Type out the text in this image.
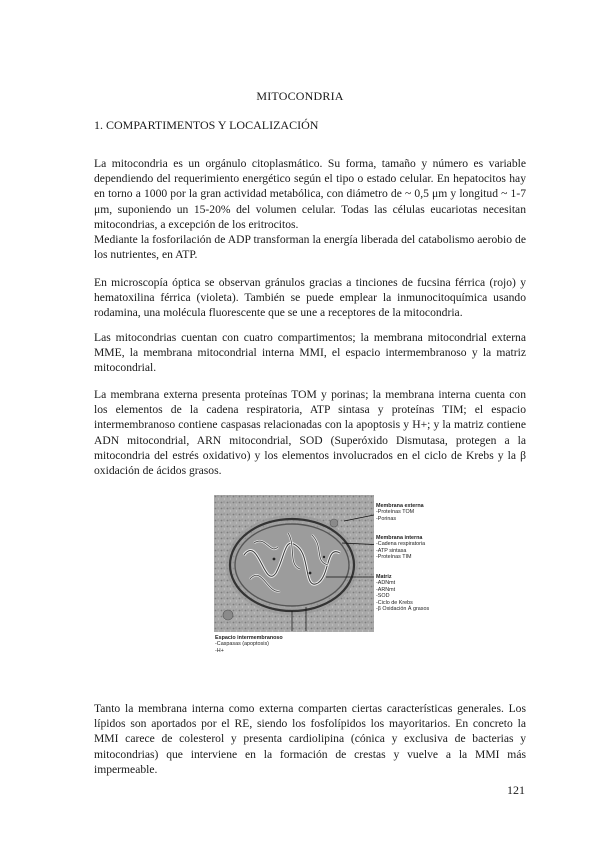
MITOCONDRIA
1. COMPARTIMENTOS Y LOCALIZACIÓN

La mitocondria es un orgánulo citoplasmático. Su forma, tamaño y número es variable dependiendo del requerimiento energético según el tipo o estado celular. En hepatocitos hay en torno a 1000 por la gran actividad metabólica, con diámetro de ~ 0,5 μm y longitud ~ 1-7 μm, suponiendo un 15-20% del volumen celular. Todas las células eucariotas necesitan mitocondrias, a excepción de los eritrocitos.

Mediante la fosforilación de ADP transforman la energía liberada del catabolismo aerobio de los nutrientes, en ATP.

En microscopía óptica se observan gránulos gracias a tinciones de fucsina férrica (rojo) y hematoxilina férrica (violeta). También se puede emplear la inmunocitoquímica usando rodamina, una molécula fluorescente que se une a receptores de la mitocondria.

Las mitocondrias cuentan con cuatro compartimentos; la membrana mitocondrial externa MME, la membrana mitocondrial interna MMI, el espacio intermembranoso y la matriz mitocondrial.

La membrana externa presenta proteínas TOM y porinas; la membrana interna cuenta con los elementos de la cadena respiratoria, ATP sintasa y proteínas TIM; el espacio intermembranoso contiene caspasas relacionadas con la apoptosis y H+; y la matriz contiene ADN mitocondrial, ARN mitocondrial, SOD (Superóxido Dismutasa, protegen a la mitocondria del estrés oxidativo) y los elementos involucrados en el ciclo de Krebs y la β oxidación de ácidos grasos.

Membrana externa
-Proteínas TOM
-Porinas
Membrana interna
-Cadena respiratoria
-ATP sintasa
-Proteínas TIM
Matriz
-ADNmt
-ARNmt
-SOD
-Ciclo de Krebs
-β Oxidación Á grasos
Espacio intermembranoso
-Caspasas (apoptosis)
-H+

Tanto la membrana interna como externa comparten ciertas características generales. Los lípidos son aportados por el RE, siendo los fosfolípidos los mayoritarios. En concreto la MMI carece de colesterol y presenta cardiolipina (cónica y exclusiva de bacterias y mitocondrias) que interviene en la formación de crestas y vuelve a la MMI más impermeable.

121
